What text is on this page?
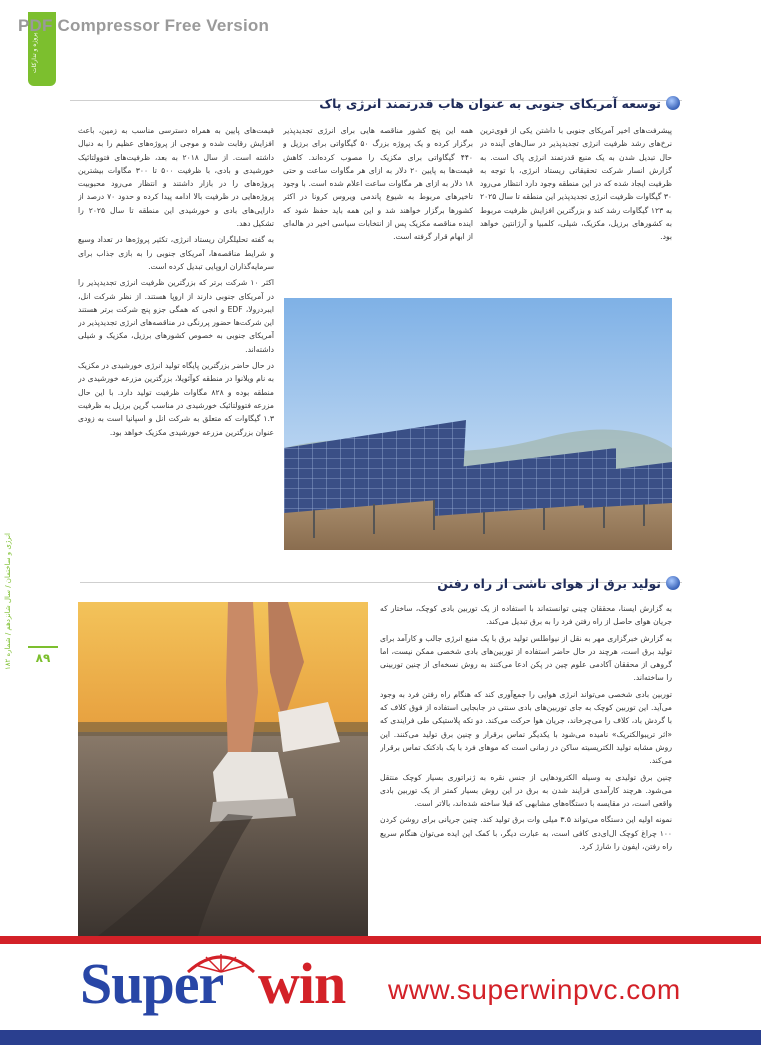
پروژه و تدارکات
PDF Compressor Free Version
انرژی و ساختمان / سال شانزدهم / شماره ۱۸۲	۸۹
توسعه آمریکای جنوبی به عنوان هاب قدرتمند انرژی پاک

پیشرفت‌های اخیر آمریکای جنوبی با داشتن یکی از قوی‌ترین نرخ‌های رشد ظرفیت انرژی تجدیدپذیر در سال‌های آینده در حال تبدیل شدن به یک منبع قدرتمند انرژی پاک است. به گزارش انسار شرکت تحقیقاتی ریستاد انرژی، با توجه به ظرفیت ایجاد شده که در این منطقه وجود دارد انتظار می‌رود ۳۰ گیگاوات ظرفیت انرژی تجدیدپذیر این منطقه تا سال ۲۰۲۵ به ۱۲۳ گیگاوات رشد کند و بزرگترین افزایش ظرفیت مربوط به کشورهای برزیل، مکزیک، شیلی، کلمبیا و آرژانتین خواهد بود.

همه این پنج کشور مناقصه هایی برای انرژی تجدیدپذیر برگزار کرده و یک پروژه بزرگ ۵۰ گیگاواتی برای برزیل و ۴۴۰ گیگاواتی برای مکزیک را مصوب کرده‌اند. کاهش قیمت‌ها به پایین ۲۰ دلار به ازای هر مگاوات ساعت و حتی ۱۸ دلار به ازای هر مگاوات ساعت اعلام شده است. با وجود تاخیرهای مربوط به شیوع پاندمی ویروس کرونا در اکثر کشورها برگزار خواهند شد و این همه باید حفظ شود که اینده مناقصه مکزیک پس از انتخابات سیاسی اخیر در هاله‌ای از ابهام قرار گرفته است.

قیمت‌های پایین به همراه دسترسی مناسب به زمین، باعث افزایش رقابت شده و موجی از پروژه‌های عظیم را به دنبال داشته است. از سال ۲۰۱۸ به بعد، ظرفیت‌های فتوولتائیک خورشیدی و بادی، با ظرفیت ۵۰۰ تا ۳۰۰ مگاوات بیشترین پروژه‌های را در بازار داشتند و انتظار می‌رود محبوبیت پروژه‌هایی در ظرفیت بالا ادامه پیدا کرده و حدود ۷۰ درصد از دارایی‌های بادی و خورشیدی این منطقه تا سال ۲۰۲۵ را تشکیل دهد.

به گفته تحلیلگران ریستاد انرژی، تکثیر پروژه‌ها در تعداد وسیع و شرایط مناقصه‌ها، آمریکای جنوبی را به بازی جذاب برای سرمایه‌گذاران اروپایی تبدیل کرده است.

اکثر ۱۰ شرکت برتر که بزرگترین ظرفیت انرژی تجدیدپذیر را در آمریکای جنوبی دارند از اروپا هستند. از نظر شرکت انل، ایبردرولا، EDF و انجی که همگی جزو پنج شرکت برتر هستند این شرکت‌ها حضور پررنگی در مناقصه‌های انرژی تجدیدپذیر در آمریکای جنوبی به خصوص کشورهای برزیل، مکزیک و شیلی داشته‌اند.

در حال حاضر بزرگترین پایگاه تولید انرژی خورشیدی در مکزیک به نام ویلانوا در منطقه کوآئویلا، بزرگترین مزرعه خورشیدی در منطقه بوده و ۸۲۸ مگاوات ظرفیت تولید دارد. با این حال مزرعه فتوولتائیک خورشیدی در مناسب گرین برزیل به ظرفیت ۱.۳ گیگاوات که متعلق به شرکت انل و اسپانیا است به زودی عنوان بزرگترین مزرعه خورشیدی مکزیک خواهد بود.

تولید برق از هوای ناشی از راه رفتن

به گزارش ایسنا، محققان چینی توانسته‌اند با استفاده از یک توربین بادی کوچک، ساختار که جریان هوای حاصل از راه رفتن فرد را به برق تبدیل می‌کند.

به گزارش خبرگزاری مهر به نقل از نیواطلس تولید برق با یک منبع انرژی جالب و کارآمد برای تولید برق است، هرچند در حال حاضر استفاده از توربین‌های بادی شخصی ممکن نیست، اما گروهی از محققان آکادمی علوم چین در پکن ادعا می‌کنند به روش نسخه‌ای از چنین توربینی را ساخته‌اند.

توربین بادی شخصی می‌تواند انرژی هوایی را جمع‌آوری کند که هنگام راه رفتن فرد به وجود می‌آید. این توربین کوچک به جای توربین‌های بادی سنتی در جابجایی استفاده از فوق کلاف که با گردش باد، کلاف را می‌چرخاند، جریان هوا حرکت می‌کند. دو تکه پلاستیکی طی فرایندی که «اثر تریبوالکتریک» نامیده می‌شود با یکدیگر تماس برقرار و چنین برق تولید می‌کنند. این روش مشابه تولید الکتریسیته ساکن در زمانی است که موهای فرد با یک بادکنک تماس برقرار می‌کند.

چنین برق تولیدی به وسیله الکترودهایی از جنس نقره به ژنراتوری بسیار کوچک منتقل می‌شود. هرچند کارآمدی فرایند شدن به برق در این روش بسیار کمتر از یک توربین بادی واقعی است، در مقایسه با دستگاه‌های مشابهی که قبلا ساخته شده‌اند، بالاتر است.

نمونه اولیه این دستگاه می‌تواند ۳.۵ میلی وات برق تولید کند. چنین جریانی برای روشن کردن ۱۰۰ چراغ کوچک ال‌ای‌دی کافی است، به عبارت دیگر، با کمک این ایده می‌توان هنگام سریع راه رفتن، ایفون را شارژ کرد.

Super win www.superwinpvc.com
